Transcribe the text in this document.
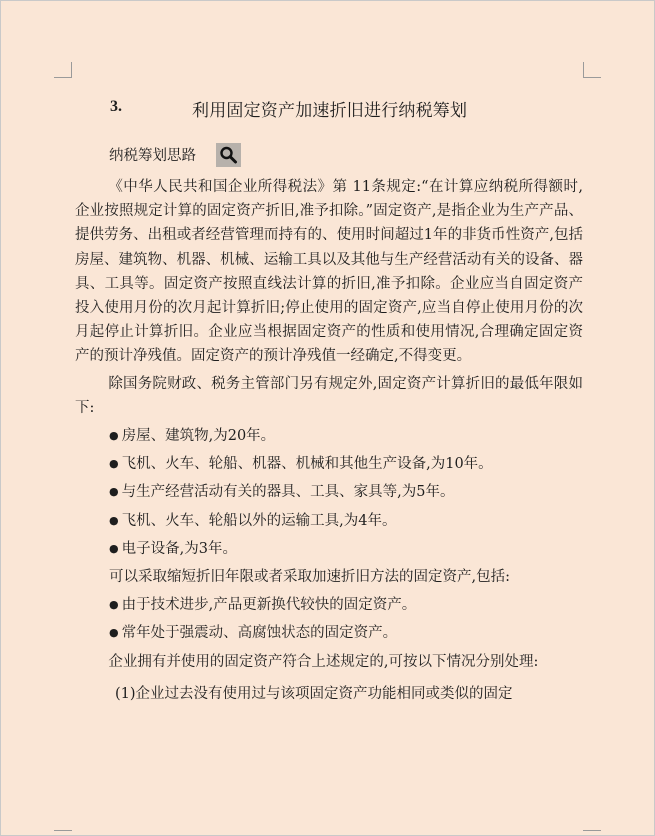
3.	利用固定资产加速折旧进行纳税筹划
纳税筹划思路

《中华人民共和国企业所得税法》第 11条规定:“在计算应纳税所得额时,企业按照规定计算的固定资产折旧,准予扣除。”固定资产,是指企业为生产产品、提供劳务、出租或者经营管理而持有的、使用时间超过1年的非货币性资产,包括房屋、建筑物、机器、机械、运输工具以及其他与生产经营活动有关的设备、器具、工具等。固定资产按照直线法计算的折旧,准予扣除。企业应当自固定资产投入使用月份的次月起计算折旧;停止使用的固定资产,应当自停止使用月份的次月起停止计算折旧。企业应当根据固定资产的性质和使用情况,合理确定固定资产的预计净残值。固定资产的预计净残值一经确定,不得变更。

除国务院财政、税务主管部门另有规定外,固定资产计算折旧的最低年限如下:

● 房屋、建筑物,为20年。

● 飞机、火车、轮船、机器、机械和其他生产设备,为10年。

● 与生产经营活动有关的器具、工具、家具等,为5年。

● 飞机、火车、轮船以外的运输工具,为4年。

● 电子设备,为3年。

可以采取缩短折旧年限或者采取加速折旧方法的固定资产,包括:

● 由于技术进步,产品更新换代较快的固定资产。

● 常年处于强震动、高腐蚀状态的固定资产。

企业拥有并使用的固定资产符合上述规定的,可按以下情况分别处理:

(1)企业过去没有使用过与该项固定资产功能相同或类似的固定
